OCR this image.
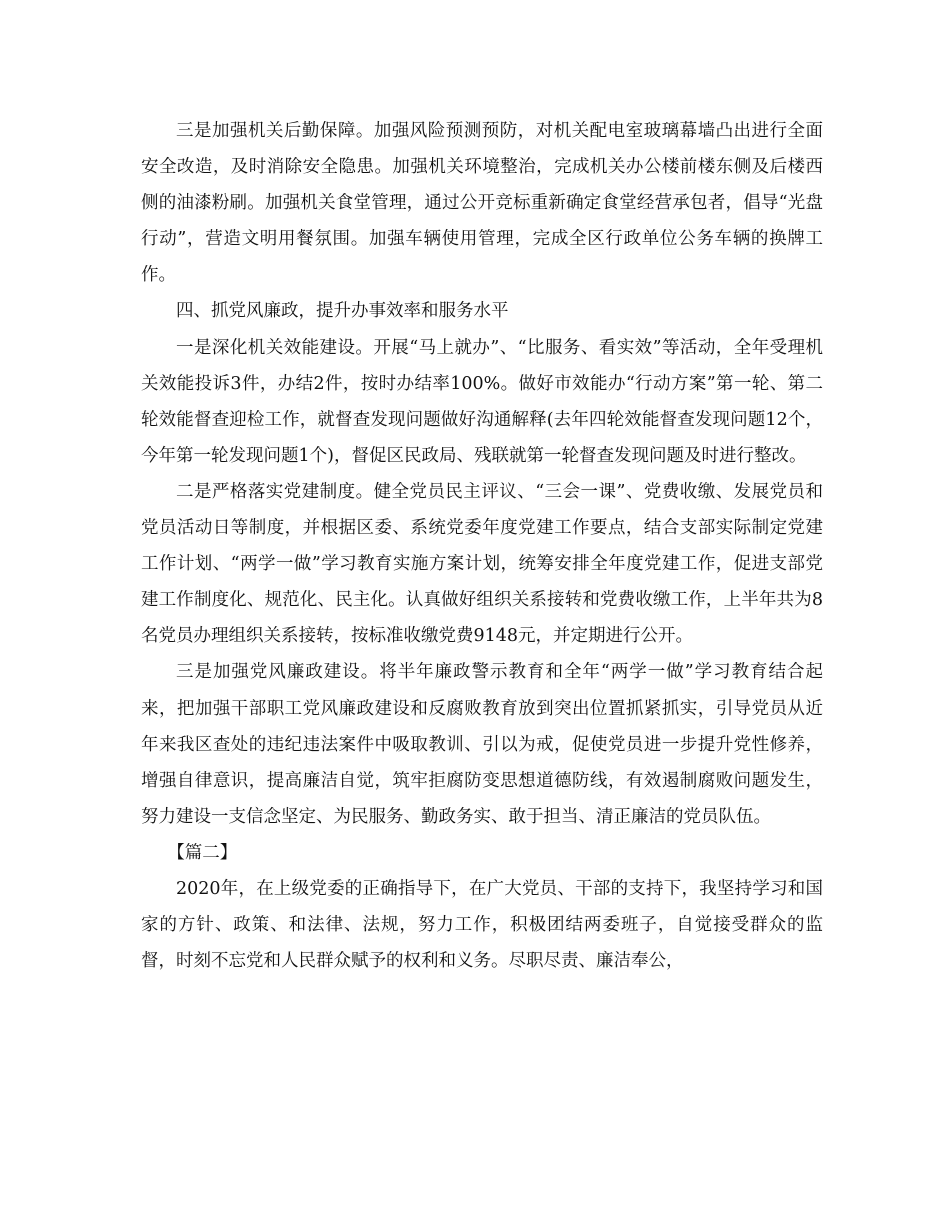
三是加强机关后勤保障。加强风险预测预防，对机关配电室玻璃幕墙凸出进行全面安全改造，及时消除安全隐患。加强机关环境整治，完成机关办公楼前楼东侧及后楼西侧的油漆粉刷。加强机关食堂管理，通过公开竞标重新确定食堂经营承包者，倡导“光盘行动”，营造文明用餐氛围。加强车辆使用管理，完成全区行政单位公务车辆的换牌工作。

四、抓党风廉政，提升办事效率和服务水平

一是深化机关效能建设。开展“马上就办”、“比服务、看实效”等活动，全年受理机关效能投诉3件，办结2件，按时办结率100%。做好市效能办“行动方案”第一轮、第二轮效能督查迎检工作，就督查发现问题做好沟通解释(去年四轮效能督查发现问题12个，今年第一轮发现问题1个)，督促区民政局、残联就第一轮督查发现问题及时进行整改。

二是严格落实党建制度。健全党员民主评议、“三会一课”、党费收缴、发展党员和党员活动日等制度，并根据区委、系统党委年度党建工作要点，结合支部实际制定党建工作计划、“两学一做”学习教育实施方案计划，统筹安排全年度党建工作，促进支部党建工作制度化、规范化、民主化。认真做好组织关系接转和党费收缴工作，上半年共为8名党员办理组织关系接转，按标准收缴党费9148元，并定期进行公开。

三是加强党风廉政建设。将半年廉政警示教育和全年“两学一做”学习教育结合起来，把加强干部职工党风廉政建设和反腐败教育放到突出位置抓紧抓实，引导党员从近年来我区查处的违纪违法案件中吸取教训、引以为戒，促使党员进一步提升党性修养，增强自律意识，提高廉洁自觉，筑牢拒腐防变思想道德防线，有效遏制腐败问题发生，努力建设一支信念坚定、为民服务、勤政务实、敢于担当、清正廉洁的党员队伍。

【篇二】

2020年，在上级党委的正确指导下，在广大党员、干部的支持下，我坚持学习和国家的方针、政策、和法律、法规，努力工作，积极团结两委班子，自觉接受群众的监督，时刻不忘党和人民群众赋予的权利和义务。尽职尽责、廉洁奉公，
